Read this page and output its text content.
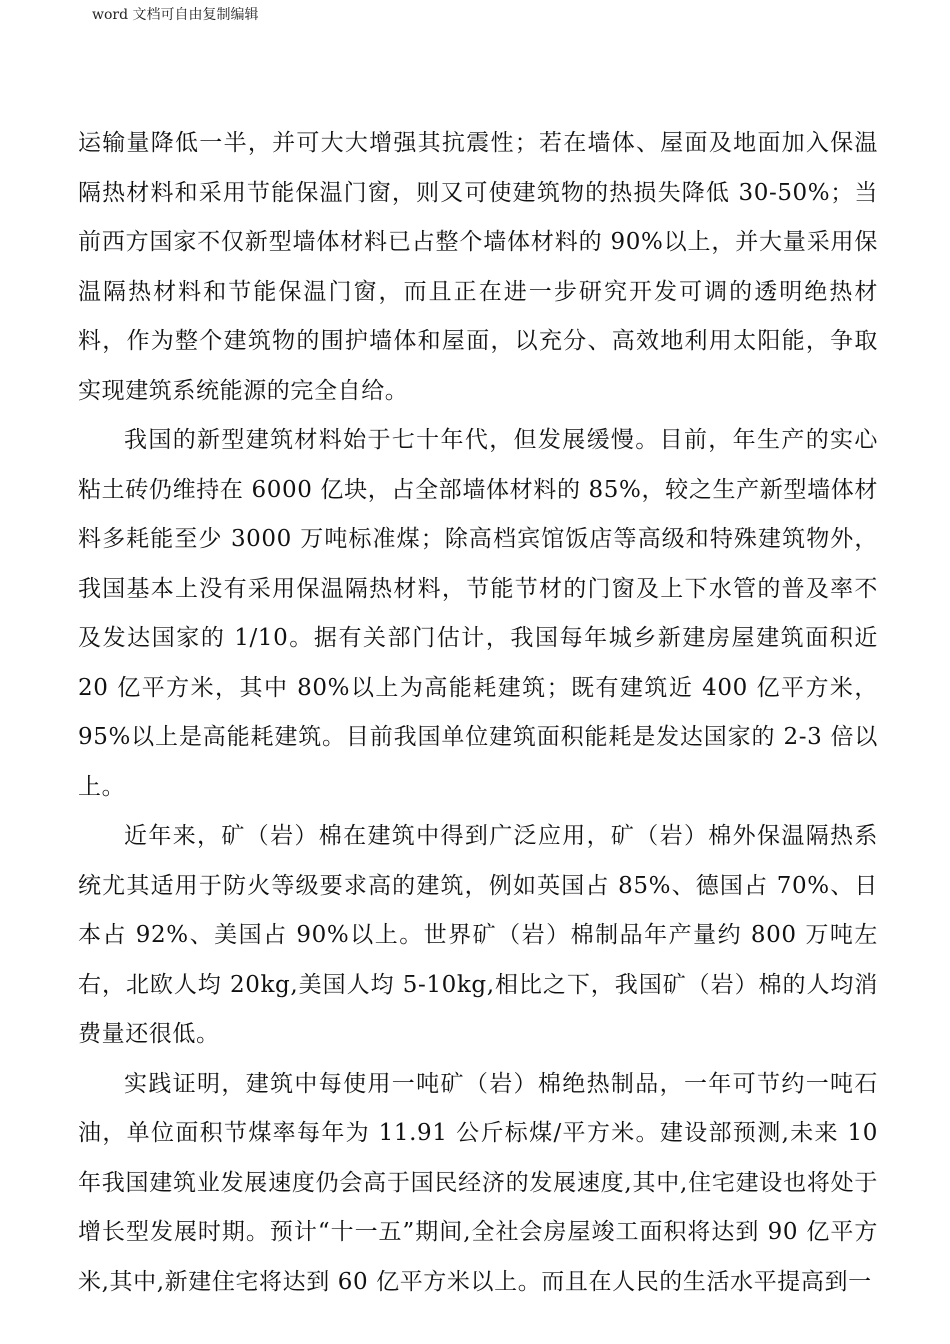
word 文档可自由复制编辑

运输量降低一半，并可大大增强其抗震性；若在墙体、屋面及地面加入保温隔热材料和采用节能保温门窗，则又可使建筑物的热损失降低 30-50%；当前西方国家不仅新型墙体材料已占整个墙体材料的 90%以上，并大量采用保温隔热材料和节能保温门窗，而且正在进一步研究开发可调的透明绝热材料，作为整个建筑物的围护墙体和屋面，以充分、高效地利用太阳能，争取实现建筑系统能源的完全自给。

我国的新型建筑材料始于七十年代，但发展缓慢。目前，年生产的实心粘土砖仍维持在 6000 亿块，占全部墙体材料的 85%，较之生产新型墙体材料多耗能至少 3000 万吨标准煤；除高档宾馆饭店等高级和特殊建筑物外，我国基本上没有采用保温隔热材料，节能节材的门窗及上下水管的普及率不及发达国家的 1/10。据有关部门估计，我国每年城乡新建房屋建筑面积近 20 亿平方米，其中 80%以上为高能耗建筑；既有建筑近 400 亿平方米，95%以上是高能耗建筑。目前我国单位建筑面积能耗是发达国家的 2-3 倍以上。

近年来，矿（岩）棉在建筑中得到广泛应用，矿（岩）棉外保温隔热系统尤其适用于防火等级要求高的建筑，例如英国占 85%、德国占 70%、日本占 92%、美国占 90%以上。世界矿（岩）棉制品年产量约 800 万吨左右，北欧人均 20kg,美国人均 5-10kg,相比之下，我国矿（岩）棉的人均消费量还很低。

实践证明，建筑中每使用一吨矿（岩）棉绝热制品，一年可节约一吨石油，单位面积节煤率每年为 11.91 公斤标煤/平方米。建设部预测,未来 10 年我国建筑业发展速度仍会高于国民经济的发展速度,其中,住宅建设也将处于增长型发展时期。预计“十一五”期间,全社会房屋竣工面积将达到 90 亿平方米,其中,新建住宅将达到 60 亿平方米以上。而且在人民的生活水平提高到一
